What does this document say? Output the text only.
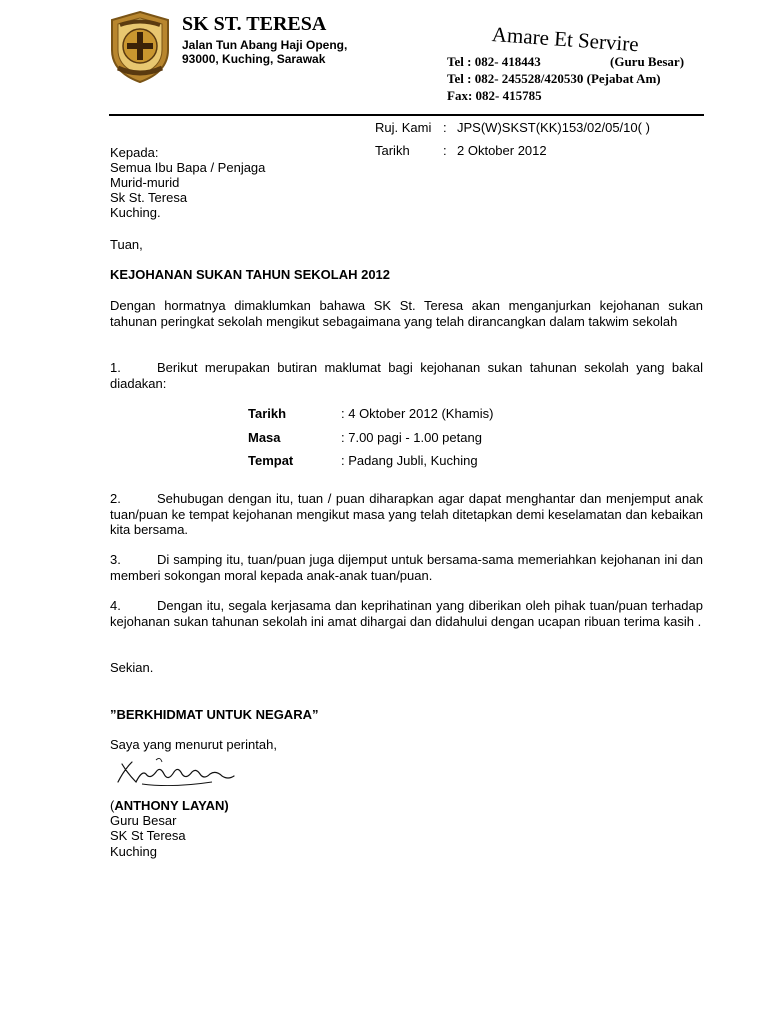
SK ST. TERESA
Jalan Tun Abang Haji Openg,
93000, Kuching, Sarawak
Amare Et Servire
Tel : 082- 418443	(Guru Besar)
Tel : 082- 245528/420530 (Pejabat Am)
Fax: 082- 415785
Ruj. Kami : JPS(W)SKST(KK)153/02/05/10( )
Tarikh	: 2 Oktober 2012
Kepada:
Semua Ibu Bapa / Penjaga
Murid-murid
Sk St. Teresa
Kuching.
Tuan,
KEJOHANAN SUKAN TAHUN SEKOLAH 2012
Dengan hormatnya dimaklumkan bahawa SK St. Teresa akan menganjurkan kejohanan sukan tahunan peringkat sekolah mengikut sebagaimana yang telah dirancangkan dalam takwim sekolah
1.	Berikut merupakan butiran maklumat bagi kejohanan sukan tahunan sekolah yang bakal diadakan:
Tarikh	: 4 Oktober 2012 (Khamis)
Masa	: 7.00 pagi - 1.00 petang
Tempat	: Padang Jubli, Kuching
2.	Sehubugan dengan itu, tuan / puan diharapkan agar dapat menghantar dan menjemput anak tuan/puan ke tempat kejohanan mengikut masa yang telah ditetapkan demi keselamatan dan kebaikan kita bersama.
3.	Di samping itu, tuan/puan juga dijemput untuk bersama-sama memeriahkan kejohanan ini dan memberi sokongan moral kepada anak-anak tuan/puan.
4.	Dengan itu, segala kerjasama dan keprihatinan yang diberikan oleh pihak tuan/puan terhadap kejohanan sukan tahunan sekolah ini amat dihargai dan didahului dengan ucapan ribuan terima kasih .
Sekian.
”BERKHIDMAT UNTUK NEGARA”
Saya yang menurut perintah,
(ANTHONY LAYAN)
Guru Besar
SK St Teresa
Kuching
